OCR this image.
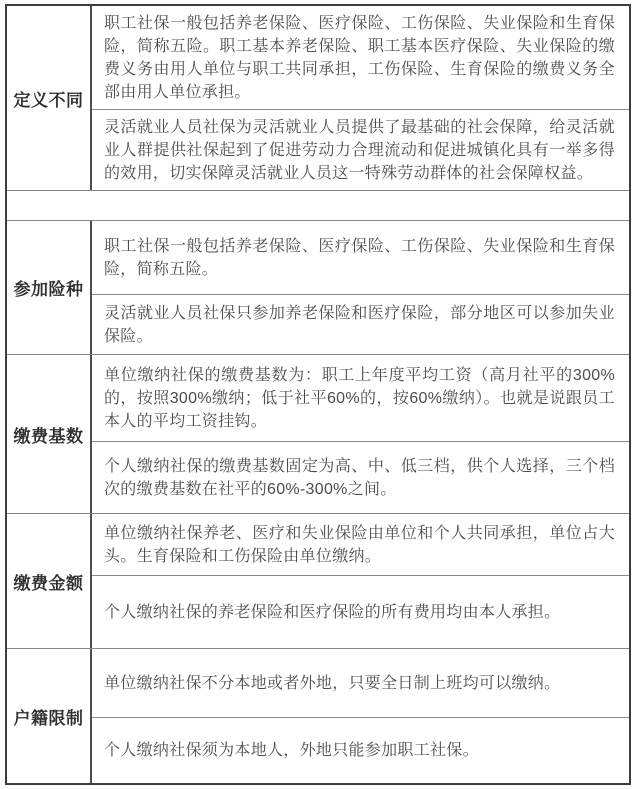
定义不同
职工社保一般包括养老保险、医疗保险、工伤保险、失业保险和生育保险，简称五险。职工基本养老保险、职工基本医疗保险、失业保险的缴费义务由用人单位与职工共同承担，工伤保险、生育保险的缴费义务全部由用人单位承担。
灵活就业人员社保为灵活就业人员提供了最基础的社会保障，给灵活就业人群提供社保起到了促进劳动力合理流动和促进城镇化具有一举多得的效用，切实保障灵活就业人员这一特殊劳动群体的社会保障权益。
参加险种
职工社保一般包括养老保险、医疗保险、工伤保险、失业保险和生育保险，简称五险。
灵活就业人员社保只参加养老保险和医疗保险，部分地区可以参加失业保险。
缴费基数
单位缴纳社保的缴费基数为：职工上年度平均工资（高月社平的300%的，按照300%缴纳；低于社平60%的，按60%缴纳）。也就是说跟员工本人的平均工资挂钩。
个人缴纳社保的缴费基数固定为高、中、低三档，供个人选择，三个档次的缴费基数在社平的60%-300%之间。
缴费金额
单位缴纳社保养老、医疗和失业保险由单位和个人共同承担，单位占大头。生育保险和工伤保险由单位缴纳。
个人缴纳社保的养老保险和医疗保险的所有费用均由本人承担。
户籍限制
单位缴纳社保不分本地或者外地，只要全日制上班均可以缴纳。
个人缴纳社保须为本地人，外地只能参加职工社保。
